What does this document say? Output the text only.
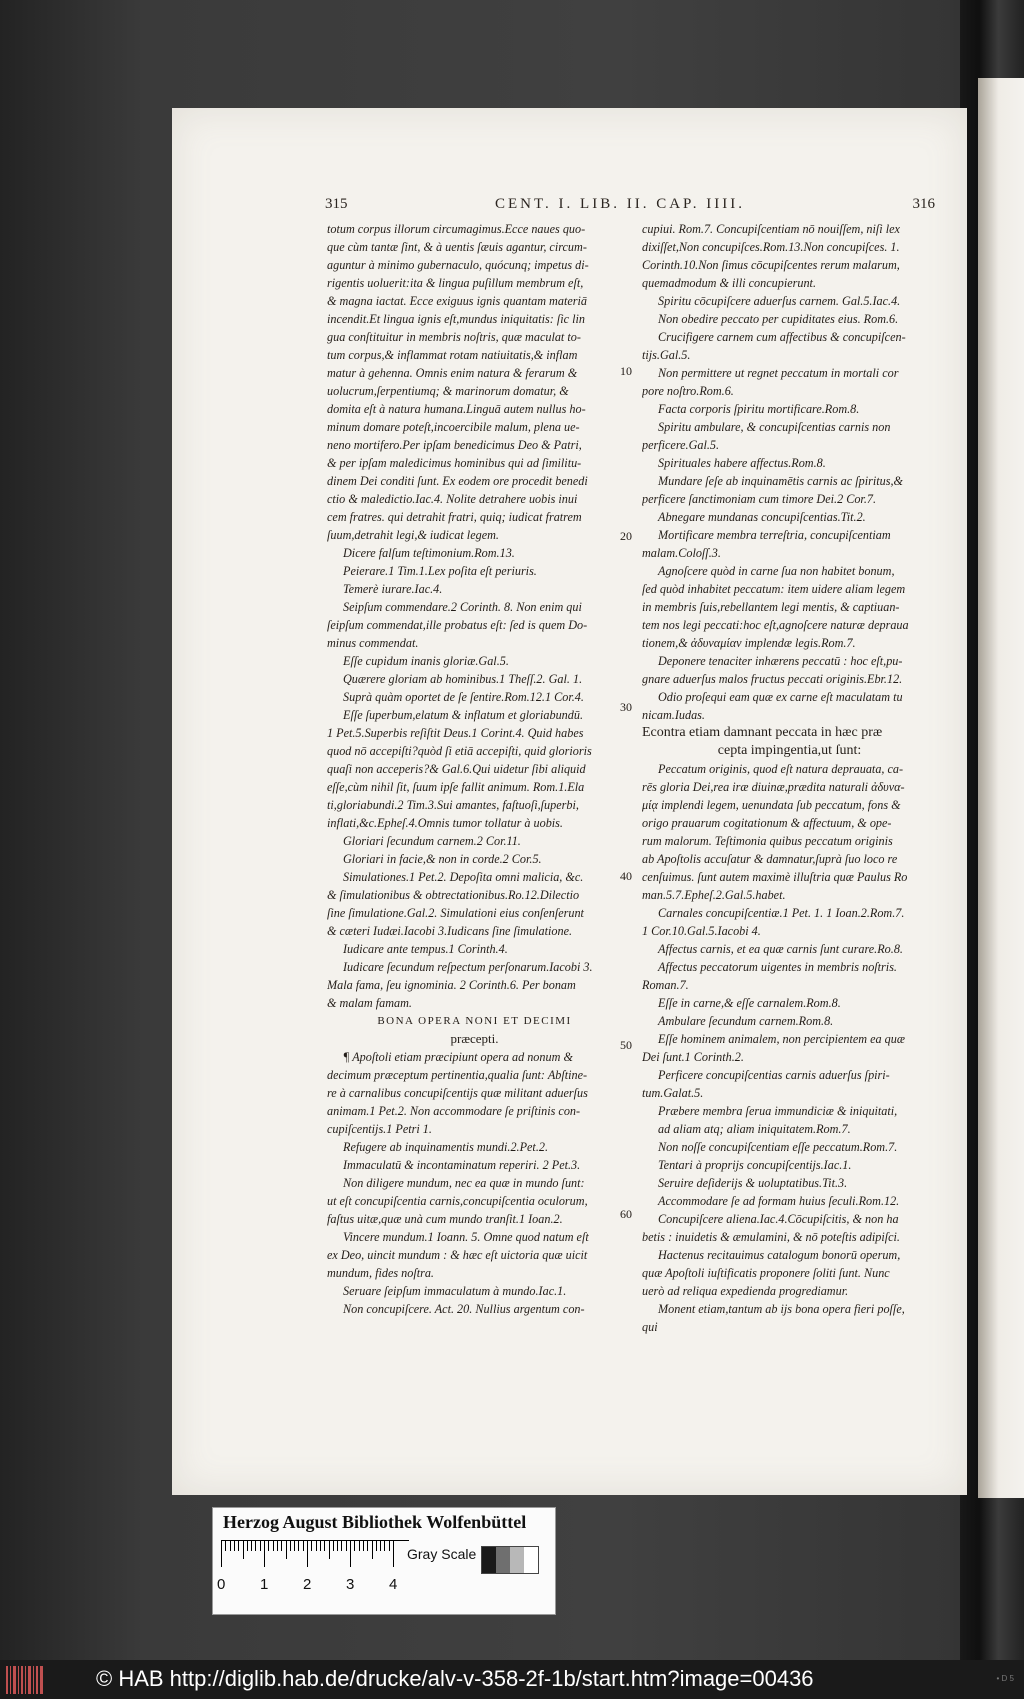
315	CENT. I. LIB. II. CAP. IIII.	316

totum corpus illorum circumagimus.Ecce naues quo-

que cùm tantæ ſint, & à uentis ſæuis agantur, circum-

aguntur à minimo gubernaculo, quócunq; impetus di-

rigentis uoluerit:ita & lingua puſillum membrum eſt,

& magna iactat. Ecce exiguus ignis quantam materiā

incendit.Et lingua ignis eſt,mundus iniquitatis: ſic lin

gua conſtituitur in membris noſtris, quæ maculat to-

tum corpus,& inflammat rotam natiuitatis,& inflam

matur à gehenna. Omnis enim natura & ferarum &

uolucrum,ſerpentiumq; & marinorum domatur, &

domita eſt à natura humana.Linguā autem nullus ho-

minum domare poteſt,incoercibile malum, plena ue-

neno mortifero.Per ipſam benedicimus Deo & Patri,

& per ipſam maledicimus hominibus qui ad ſimilitu-

dinem Dei conditi ſunt. Ex eodem ore procedit benedi

ctio & maledictio.Iac.4. Nolite detrahere uobis inui

cem fratres. qui detrahit fratri, quiq; iudicat fratrem

ſuum,detrahit legi,& iudicat legem.

Dicere falſum teſtimonium.Rom.13.

Peierare.1 Tim.1.Lex poſita eſt periuris.

Temerè iurare.Iac.4.

Seipſum commendare.2 Corinth. 8. Non enim qui

ſeipſum commendat,ille probatus eſt: ſed is quem Do-

minus commendat.

Eſſe cupidum inanis gloriæ.Gal.5.

Quærere gloriam ab hominibus.1 Theſſ.2. Gal. 1.

Suprà quàm oportet de ſe ſentire.Rom.12.1 Cor.4.

Eſſe ſuperbum,elatum & inflatum et gloriabundū.

1 Pet.5.Superbis reſiſtit Deus.1 Corint.4. Quid habes

quod nō accepiſti?quòd ſi etiā accepiſti, quid glorioris

quaſi non acceperis?& Gal.6.Qui uidetur ſibi aliquid

eſſe,cùm nihil ſit, ſuum ipſe fallit animum. Rom.1.Ela

ti,gloriabundi.2 Tim.3.Sui amantes, faſtuoſi,ſuperbi,

inflati,&c.Epheſ.4.Omnis tumor tollatur à uobis.

Gloriari ſecundum carnem.2 Cor.11.

Gloriari in facie,& non in corde.2 Cor.5.

Simulationes.1 Pet.2. Depoſita omni malicia, &c.

& ſimulationibus & obtrectationibus.Ro.12.Dilectio

ſine ſimulatione.Gal.2. Simulationi eius conſenſerunt

& cæteri Iudæi.Iacobi 3.Iudicans ſine ſimulatione.

Iudicare ante tempus.1 Corinth.4.

Iudicare ſecundum reſpectum perſonarum.Iacobi 3.

Mala fama, ſeu ignominia. 2 Corinth.6. Per bonam

& malam famam.

BONA OPERA NONI ET DECIMI

præcepti.

¶ Apoſtoli etiam præcipiunt opera ad nonum &

decimum præceptum pertinentia,qualia ſunt: Abſtine-

re à carnalibus concupiſcentijs quæ militant aduerſus

animam.1 Pet.2. Non accommodare ſe priſtinis con-

cupiſcentijs.1 Petri 1.

Refugere ab inquinamentis mundi.2.Pet.2.

Immaculatū & incontaminatum reperiri. 2 Pet.3.

Non diligere mundum, nec ea quæ in mundo ſunt:

ut eſt concupiſcentia carnis,concupiſcentia oculorum,

faſtus uitæ,quæ unà cum mundo tranſit.1 Ioan.2.

Vincere mundum.1 Ioann. 5. Omne quod natum eſt

ex Deo, uincit mundum : & hæc eſt uictoria quæ uicit

mundum, fides noſtra.

Seruare ſeipſum immaculatum à mundo.Iac.1.

Non concupiſcere. Act. 20. Nullius argentum con-

cupiui. Rom.7. Concupiſcentiam nō nouiſſem, niſi lex

dixiſſet,Non concupiſces.Rom.13.Non concupiſces. 1.

Corinth.10.Non ſimus cōcupiſcentes rerum malarum,

quemadmodum & illi concupierunt.

Spiritu cōcupiſcere aduerſus carnem. Gal.5.Iac.4.

Non obedire peccato per cupiditates eius. Rom.6.

Crucifigere carnem cum affectibus & concupiſcen-

tijs.Gal.5.

Non permittere ut regnet peccatum in mortali cor

pore noſtro.Rom.6.

Facta corporis ſpiritu mortificare.Rom.8.

Spiritu ambulare, & concupiſcentias carnis non

perficere.Gal.5.

Spirituales habere affectus.Rom.8.

Mundare ſeſe ab inquinamētis carnis ac ſpiritus,&

perficere ſanctimoniam cum timore Dei.2 Cor.7.

Abnegare mundanas concupiſcentias.Tit.2.

Mortificare membra terreſtria, concupiſcentiam

malam.Coloſſ.3.

Agnoſcere quòd in carne ſua non habitet bonum,

ſed quòd inhabitet peccatum: item uidere aliam legem

in membris ſuis,rebellantem legi mentis, & captiuan-

tem nos legi peccati:hoc eſt,agnoſcere naturæ depraua

tionem,& ἀδυναμίαν implendæ legis.Rom.7.

Deponere tenaciter inhærens peccatū : hoc eſt,pu-

gnare aduerſus malos fructus peccati originis.Ebr.12.

Odio proſequi eam quæ ex carne eſt maculatam tu

nicam.Iudas.

Econtra etiam damnant peccata in hæc præ

cepta impingentia,ut ſunt:

Peccatum originis, quod eſt natura deprauata, ca-

rēs gloria Dei,rea iræ diuinæ,prædita naturali ἀδυνα-

μίᾳ implendi legem, uenundata ſub peccatum, fons &

origo prauarum cogitationum & affectuum, & ope-

rum malorum. Teſtimonia quibus peccatum originis

ab Apoſtolis accuſatur & damnatur,ſuprà ſuo loco re

cenſuimus. ſunt autem maximè illuſtria quæ Paulus Ro

man.5.7.Epheſ.2.Gal.5.habet.

Carnales concupiſcentiæ.1 Pet. 1. 1 Ioan.2.Rom.7.

1 Cor.10.Gal.5.Iacobi 4.

Affectus carnis, et ea quæ carnis ſunt curare.Ro.8.

Affectus peccatorum uigentes in membris noſtris.

Roman.7.

Eſſe in carne,& eſſe carnalem.Rom.8.

Ambulare ſecundum carnem.Rom.8.

Eſſe hominem animalem, non percipientem ea quæ

Dei ſunt.1 Corinth.2.

Perficere concupiſcentias carnis aduerſus ſpiri-

tum.Galat.5.

Præbere membra ſerua immundiciæ & iniquitati,

ad aliam atq; aliam iniquitatem.Rom.7.

Non noſſe concupiſcentiam eſſe peccatum.Rom.7.

Tentari à proprijs concupiſcentijs.Iac.1.

Seruire deſiderijs & uoluptatibus.Tit.3.

Accommodare ſe ad formam huius ſeculi.Rom.12.

Concupiſcere aliena.Iac.4.Cōcupiſcitis, & non ha

betis : inuidetis & æmulamini, & nō poteſtis adipiſci.

Hactenus recitauimus catalogum bonorū operum,

quæ Apoſtoli iuſtificatis proponere ſoliti ſunt. Nunc

uerò ad reliqua expedienda progrediamur.

Monent etiam,tantum ab ijs bona opera fieri poſſe,

qui

10
20
30
40
50
60
Herzog August Bibliothek Wolfenbüttel
0 1 2 3 4
Gray Scale
© HAB http://diglib.hab.de/drucke/alv-v-358-2f-1b/start.htm?image=00436	• D 5
